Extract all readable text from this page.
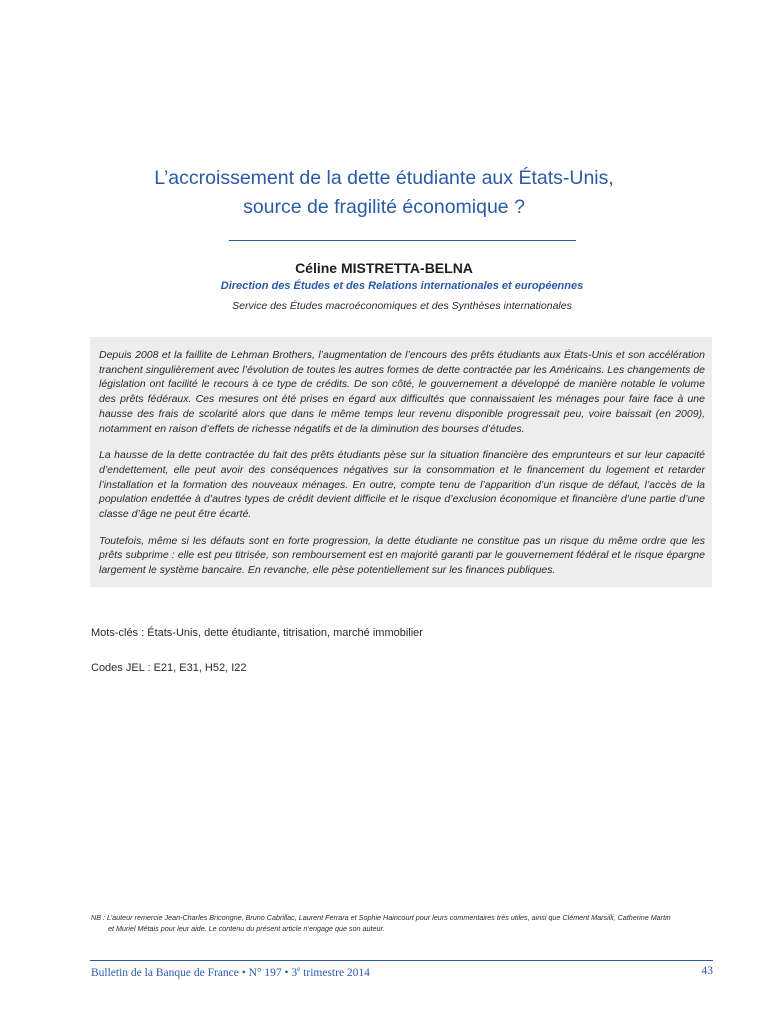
L’accroissement de la dette étudiante aux États-Unis,
source de fragilité économique ?
Céline MISTRETTA-BELNA
Direction des Études et des Relations internationales et européennes
Service des Études macroéconomiques et des Synthèses internationales

Depuis 2008 et la faillite de Lehman Brothers, l’augmentation de l’encours des prêts étudiants aux États-Unis et son accélération tranchent singulièrement avec l’évolution de toutes les autres formes de dette contractée par les Américains. Les changements de législation ont facilité le recours à ce type de crédits. De son côté, le gouvernement a développé de manière notable le volume des prêts fédéraux. Ces mesures ont été prises en égard aux difficultés que connaissaient les ménages pour faire face à une hausse des frais de scolarité alors que dans le même temps leur revenu disponible progressait peu, voire baissait (en 2009), notamment en raison d’effets de richesse négatifs et de la diminution des bourses d’études.

La hausse de la dette contractée du fait des prêts étudiants pèse sur la situation financière des emprunteurs et sur leur capacité d’endettement, elle peut avoir des conséquences négatives sur la consommation et le financement du logement et retarder l’installation et la formation des nouveaux ménages. En outre, compte tenu de l’apparition d’un risque de défaut, l’accès de la population endettée à d’autres types de crédit devient difficile et le risque d’exclusion économique et financière d’une partie d’une classe d’âge ne peut être écarté.

Toutefois, même si les défauts sont en forte progression, la dette étudiante ne constitue pas un risque du même ordre que les prêts subprime : elle est peu titrisée, son remboursement est en majorité garanti par le gouvernement fédéral et le risque épargne largement le système bancaire. En revanche, elle pèse potentiellement sur les finances publiques.

Mots-clés : États-Unis, dette étudiante, titrisation, marché immobilier
Codes JEL : E21, E31, H52, I22
NB : L’auteur remercie Jean-Charles Bricongne, Bruno Cabrillac, Laurent Ferrara et Sophie Haincourt pour leurs commentaires très utiles, ainsi que Clément Marsilli, Catherine Martin
et Muriel Métais pour leur aide. Le contenu du présent article n’engage que son auteur.
Bulletin de la Banque de France • N° 197 • 3e trimestre 2014	43
